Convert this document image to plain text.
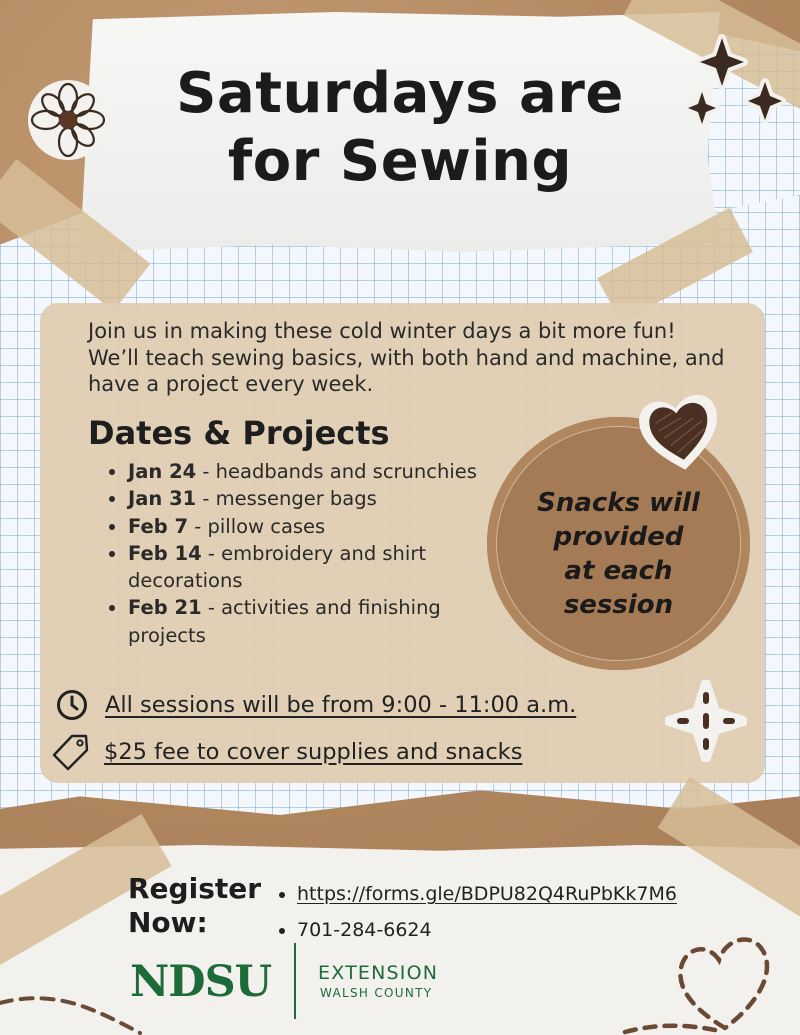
Saturdays are
for Sewing
Join us in making these cold winter days a bit more fun! We’ll teach sewing basics, with both hand and machine, and have a project every week.
Dates & Projects
• Jan 24 - headbands and scrunchies
• Jan 31 - messenger bags
• Feb 7 - pillow cases
• Feb 14 - embroidery and shirt decorations
• Feb 21 - activities and finishing projects
Snacks will
provided
at each
session
All sessions will be from 9:00 - 11:00 a.m.
$25 fee to cover supplies and snacks
Register
Now:
• https://forms.gle/BDPU82Q4RuPbKk7M6
• 701-284-6624
NDSU EXTENSION
WALSH COUNTY
